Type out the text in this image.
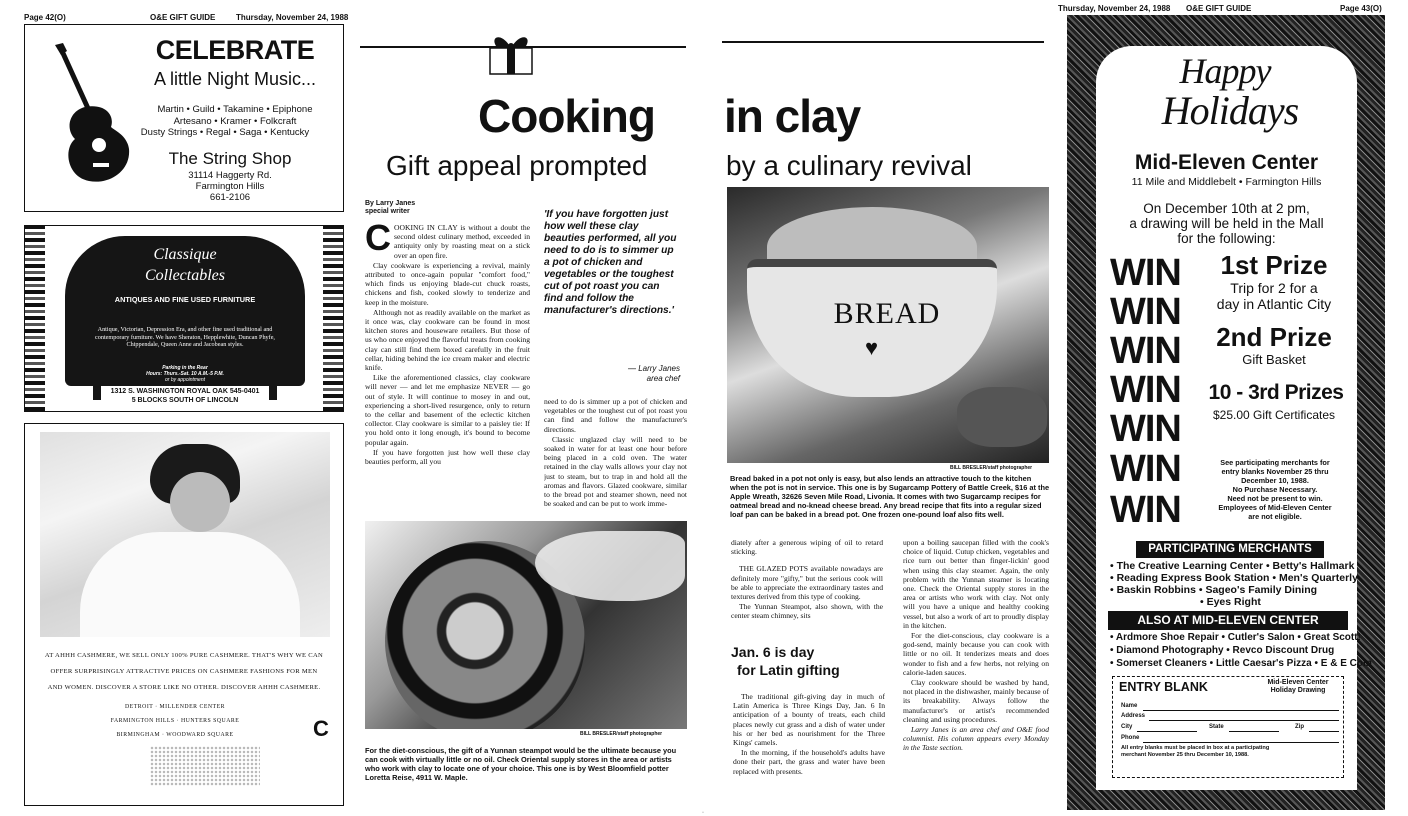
Page 42(O)	O&E GIFT GUIDE	Thursday, November 24, 1988
CELEBRATE
A little Night Music...
Martin • Guild • Takamine • Epiphone
Artesano • Kramer • Folkcraft
Dusty Strings • Regal • Saga • Kentucky
The String Shop
31114 Haggerty Rd.
Farmington Hills
661-2106
Classique
Collectables
ANTIQUES AND FINE USED FURNITURE
Antique, Victorian, Depression Era, and other fine used traditional and contemporary furniture. We have Sheraton, Hepplewhite, Duncan Phyfe, Chippendale, Queen Anne and Jacobean styles.
Parking in the Rear
Hours: Thurs.-Sat. 10 A.M.-5 P.M.
or by appointment
1312 S. WASHINGTON ROYAL OAK 545-0401
5 BLOCKS SOUTH OF LINCOLN
AT AHHH CASHMERE, WE SELL ONLY 100% PURE CASHMERE. THAT'S WHY WE CAN
OFFER SURPRISINGLY ATTRACTIVE PRICES ON CASHMERE FASHIONS FOR MEN
AND WOMEN. DISCOVER A STORE LIKE NO OTHER. DISCOVER AHHH CASHMERE.
DETROIT · MILLENDER CENTER
FARMINGTON HILLS · HUNTERS SQUARE
BIRMINGHAM · WOODWARD SQUARE	C
Cooking in clay
Gift appeal prompted	by a culinary revival
By Larry Janes
special writer
C OOKING IN CLAY is without a doubt the second oldest culinary method, exceeded in antiquity only by roasting meat on a stick over an open fire.

Clay cookware is experiencing a revival, mainly attributed to once-again popular "comfort food," which finds us enjoying blade-cut chuck roasts, chickens and fish, cooked slowly to tenderize and keep in the moisture.

Although not as readily available on the market as it once was, clay cookware can be found in most kitchen stores and houseware retailers. But those of us who once enjoyed the flavorful treats from cooking clay can still find them boxed carefully in the fruit cellar, hiding behind the ice cream maker and electric knife.

Like the aforementioned classics, clay cookware will never — and let me emphasize NEVER — go out of style. It will continue to mosey in and out, experiencing a short-lived resurgence, only to return to the cellar and basement of the eclectic kitchen collector. Clay cookware is similar to a paisley tie: If you hold onto it long enough, it's bound to become popular again.

If you have forgotten just how well these clay beauties perform, all you

'If you have forgotten just how well these clay beauties performed, all you need to do is to simmer up a pot of chicken and vegetables or the toughest cut of pot roast you can find and follow the manufacturer's directions.'
— Larry Janes
area chef

need to do is simmer up a pot of chicken and vegetables or the toughest cut of pot roast you can find and follow the manufacturer's directions.

Classic unglazed clay will need to be soaked in water for at least one hour before being placed in a cold oven. The water retained in the clay walls allows your clay not just to steam, but to trap in and hold all the aromas and flavors. Glazed cookware, similar to the bread pot and steamer shown, need not be soaked and can be put to work imme-

BILL BRESLER/staff photographer
For the diet-conscious, the gift of a Yunnan steampot would be the ultimate because you can cook with virtually little or no oil. Check Oriental supply stores in the area or artists who work with clay to locate one of your choice. This one is by West Bloomfield potter Loretta Reise, 4911 W. Maple.
·
BREAD
♥
BILL BRESLER/staff photographer
Bread baked in a pot not only is easy, but also lends an attractive touch to the kitchen when the pot is not in service. This one is by Sugarcamp Pottery of Battle Creek, $16 at the Apple Wreath, 32626 Seven Mile Road, Livonia. It comes with two Sugarcamp recipes for oatmeal bread and no-knead cheese bread. Any bread recipe that fits into a regular sized loaf pan can be baked in a bread pot. One frozen one-pound loaf also fits well.

diately after a generous wiping of oil to retard sticking.

THE GLAZED POTS available nowadays are definitely more "gifty," but the serious cook will be able to appreciate the extraordinary tastes and textures derived from this type of cooking.

The Yunnan Steampot, also shown, with the center steam chimney, sits

Jan. 6 is day
for Latin gifting

The traditional gift-giving day in much of Latin America is Three Kings Day, Jan. 6 In anticipation of a bounty of treats, each child places newly cut grass and a dish of water under his or her bed as nourishment for the Three Kings' camels.

In the morning, if the household's adults have done their part, the grass and water have been replaced with presents.

upon a boiling saucepan filled with the cook's choice of liquid. Cutup chicken, vegetables and rice turn out better than finger-lickin' good when using this clay steamer. Again, the only problem with the Yunnan steamer is locating one. Check the Oriental supply stores in the area or artists who work with clay. Not only will you have a unique and healthy cooking vessel, but also a work of art to proudly display in the kitchen.

For the diet-conscious, clay cookware is a god-send, mainly because you can cook with little or no oil. It tenderizes meats and does wonder to fish and a few herbs, not relying on calorie-laden sauces.

Clay cookware should be washed by hand, not placed in the dishwasher, mainly because of its breakability. Always follow the manufacturer's or artist's recommended cleaning and using procedures.

Larry Janes is an area chef and O&E food columnist. His column appears every Monday in the Taste section.

Thursday, November 24, 1988 O&E GIFT GUIDE	Page 43(O)
Happy
Holidays
Mid-Eleven Center
11 Mile and Middlebelt • Farmington Hills
On December 10th at 2 pm,
a drawing will be held in the Mall
for the following:
WIN
WIN
WIN
WIN
WIN
WIN
WIN
1st Prize
Trip for 2 for a
day in Atlantic City
2nd Prize
Gift Basket
10 - 3rd Prizes
$25.00 Gift Certificates
See participating merchants for
entry blanks November 25 thru
December 10, 1988.
No Purchase Necessary.
Need not be present to win.
Employees of Mid-Eleven Center
are not eligible.
PARTICIPATING MERCHANTS
• The Creative Learning Center • Betty's Hallmark
• Reading Express Book Station • Men's Quarterly
• Baskin Robbins • Sageo's Family Dining
• Eyes Right
ALSO AT MID-ELEVEN CENTER
• Ardmore Shoe Repair • Cutler's Salon • Great Scott!
• Diamond Photography • Revco Discount Drug
• Somerset Cleaners • Little Caesar's Pizza • E & E Coin
ENTRY BLANK	Mid-Eleven Center
Holiday Drawing
Name
Address
City	State	Zip
Phone
All entry blanks must be placed in box at a participating
merchant November 25 thru December 10, 1988.
